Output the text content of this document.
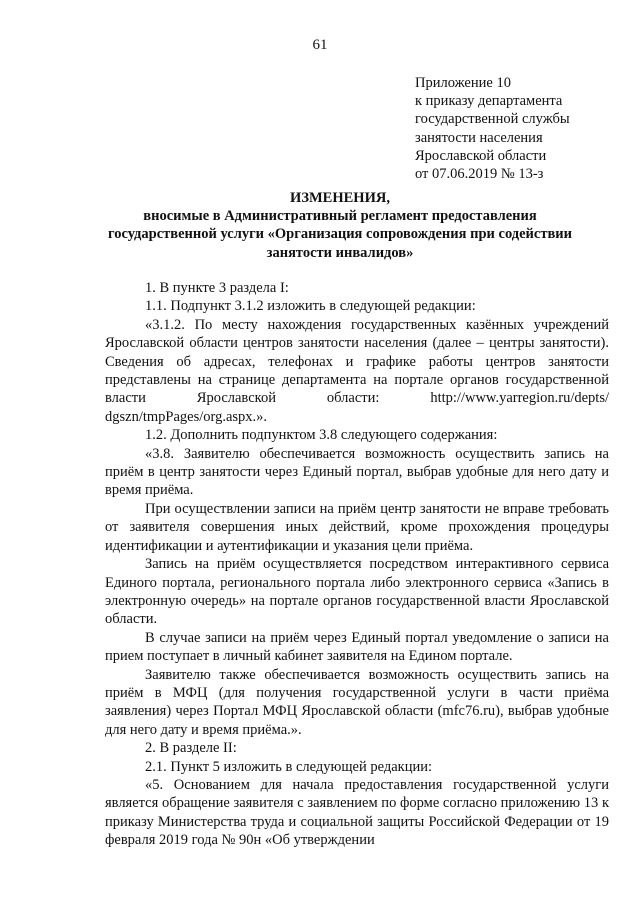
61
Приложение 10
к приказу департамента
государственной службы
занятости населения
Ярославской области
от 07.06.2019 № 13-з
ИЗМЕНЕНИЯ,
вносимые в Административный регламент предоставления
государственной услуги «Организация сопровождения при содействии
занятости инвалидов»

1. В пункте 3 раздела I:

1.1. Подпункт 3.1.2 изложить в следующей редакции:

«3.1.2. По месту нахождения государственных казённых учреждений Ярославской области центров занятости населения (далее – центры занятости). Сведения об адресах, телефонах и графике работы центров занятости представлены на странице департамента на портале органов государственной власти Ярославской области: http://www.yarregion.ru/depts/ dgszn/tmpPages/org.aspx.».

1.2. Дополнить подпунктом 3.8 следующего содержания:

«3.8. Заявителю обеспечивается возможность осуществить запись на приём в центр занятости через Единый портал, выбрав удобные для него дату и время приёма.

При осуществлении записи на приём центр занятости не вправе требовать от заявителя совершения иных действий, кроме прохождения процедуры идентификации и аутентификации и указания цели приёма.

Запись на приём осуществляется посредством интерактивного сервиса Единого портала, регионального портала либо электронного сервиса «Запись в электронную очередь» на портале органов государственной власти Ярославской области.

В случае записи на приём через Единый портал уведомление о записи на прием поступает в личный кабинет заявителя на Едином портале.

Заявителю также обеспечивается возможность осуществить запись на приём в МФЦ (для получения государственной услуги в части приёма заявления) через Портал МФЦ Ярославской области (mfc76.ru), выбрав удобные для него дату и время приёма.».

2. В разделе II:

2.1. Пункт 5 изложить в следующей редакции:

«5. Основанием для начала предоставления государственной услуги является обращение заявителя с заявлением по форме согласно приложению 13 к приказу Министерства труда и социальной защиты Российской Федерации от 19 февраля 2019 года № 90н «Об утверждении
